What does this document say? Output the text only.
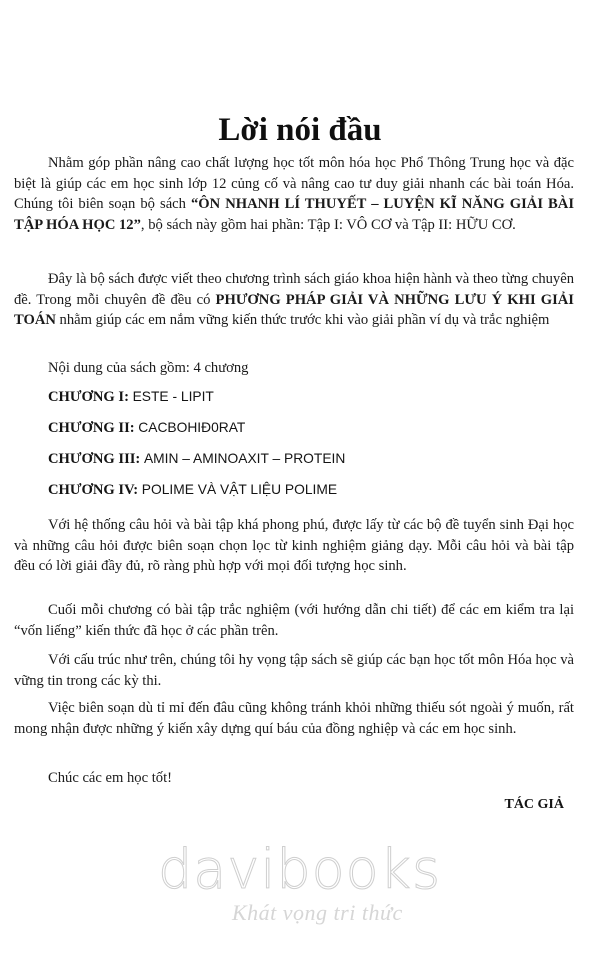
Lời nói đầu

Nhằm góp phần nâng cao chất lượng học tốt môn hóa học Phổ Thông Trung học và đặc biệt là giúp các em học sinh lớp 12 củng cố và nâng cao tư duy giải nhanh các bài toán Hóa. Chúng tôi biên soạn bộ sách “ÔN NHANH LÍ THUYẾT – LUYỆN KĨ NĂNG GIẢI BÀI TẬP HÓA HỌC 12”, bộ sách này gồm hai phần: Tập I: VÔ CƠ và Tập II: HỮU CƠ.

Đây là bộ sách được viết theo chương trình sách giáo khoa hiện hành và theo từng chuyên đề. Trong mỗi chuyên đề đều có PHƯƠNG PHÁP GIẢI VÀ NHỮNG LƯU Ý KHI GIẢI TOÁN nhằm giúp các em nắm vững kiến thức trước khi vào giải phần ví dụ và trắc nghiệm

Nội dung của sách gồm: 4 chương

CHƯƠNG I: ESTE - LIPIT
CHƯƠNG II: CACBOHIĐ0RAT
CHƯƠNG III: AMIN – AMINOAXIT – PROTEIN
CHƯƠNG IV: POLIME VÀ VẬT LIỆU POLIME

Với hệ thống câu hỏi và bài tập khá phong phú, được lấy từ các bộ đề tuyển sinh Đại học và những câu hỏi được biên soạn chọn lọc từ kinh nghiệm giảng dạy. Mỗi câu hỏi và bài tập đều có lời giải đầy đủ, rõ ràng phù hợp với mọi đối tượng học sinh.

Cuối mỗi chương có bài tập trắc nghiệm (với hướng dẫn chi tiết) để các em kiểm tra lại “vốn liếng” kiến thức đã học ở các phần trên.

Với cấu trúc như trên, chúng tôi hy vọng tập sách sẽ giúp các bạn học tốt môn Hóa học và vững tin trong các kỳ thi.

Việc biên soạn dù tỉ mỉ đến đâu cũng không tránh khỏi những thiếu sót ngoài ý muốn, rất mong nhận được những ý kiến xây dựng quí báu của đồng nghiệp và các em học sinh.

Chúc các em học tốt!

TÁC GIẢ
davibooks
Khát vọng tri thức
